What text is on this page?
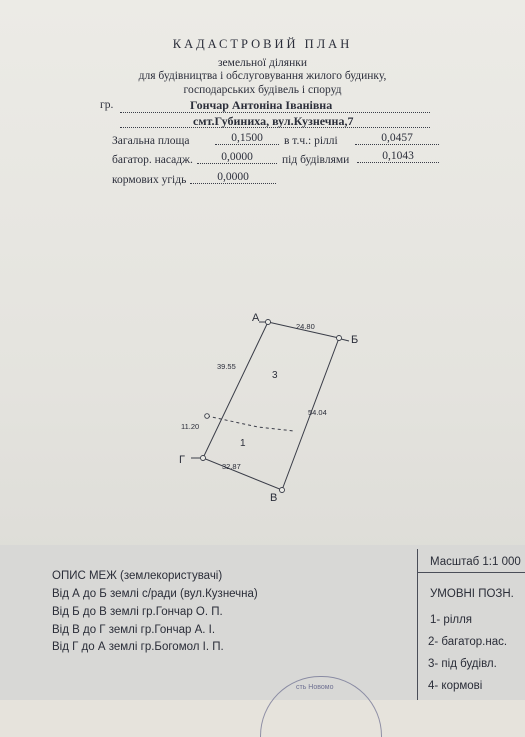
КАДАСТРОВИЙ ПЛАН
земельної ділянки
для будівництва і обслуговування жилого будинку,
господарських будівель і споруд
гр.	Гончар Антоніна Іванівна
смт.Губиниха, вул.Кузнечна,7
Загальна площа	0,1500	в т.ч.: ріллі	0,0457
багатор. насадж.	0,0000	під будівлями	0,1043
кормових угідь	0,0000
А
Б
В
Г
24.80
54.04
32.87
39.55
11.20
3
1
ОПИС МЕЖ (землекористувачі)
Від А до Б землі с/ради (вул.Кузнечна)
Від Б до В землі гр.Гончар О. П.
Від В до Г землі гр.Гончар А. І.
Від Г до А землі гр.Богомол І. П.
Масштаб 1:1 000
УМОВНІ ПОЗН.
1- рілля
2- багатор.нас.
3- під будівл.
4- кормові
сть Новомо
